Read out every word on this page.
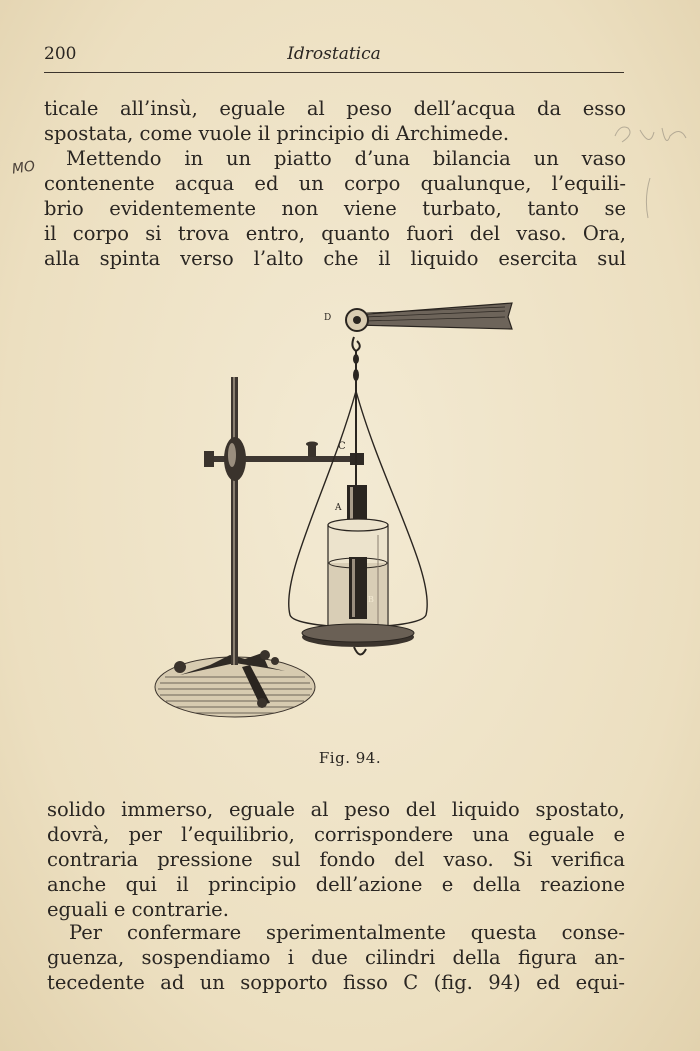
200	Idrostatica
MO
ticale all’insù, eguale al peso dell’acqua da esso
spostata, come vuole il principio di Archimede.
Mettendo in un piatto d’una bilancia un vaso
contenente acqua ed un corpo qualunque, l’equili-
brio evidentemente non viene turbato, tanto se
il corpo si trova entro, quanto fuori del vaso. Ora,
alla spinta verso l’alto che il liquido esercita sul
D
C
A
B
Fig. 94.
solido immerso, eguale al peso del liquido spostato,
dovrà, per l’equilibrio, corrispondere una eguale e
contraria pressione sul fondo del vaso. Si verifica
anche qui il principio dell’azione e della reazione
eguali e contrarie.
Per confermare sperimentalmente questa conse-
guenza, sospendiamo i due cilindri della figura an-
tecedente ad un sopporto fisso C (fig. 94) ed equi-
